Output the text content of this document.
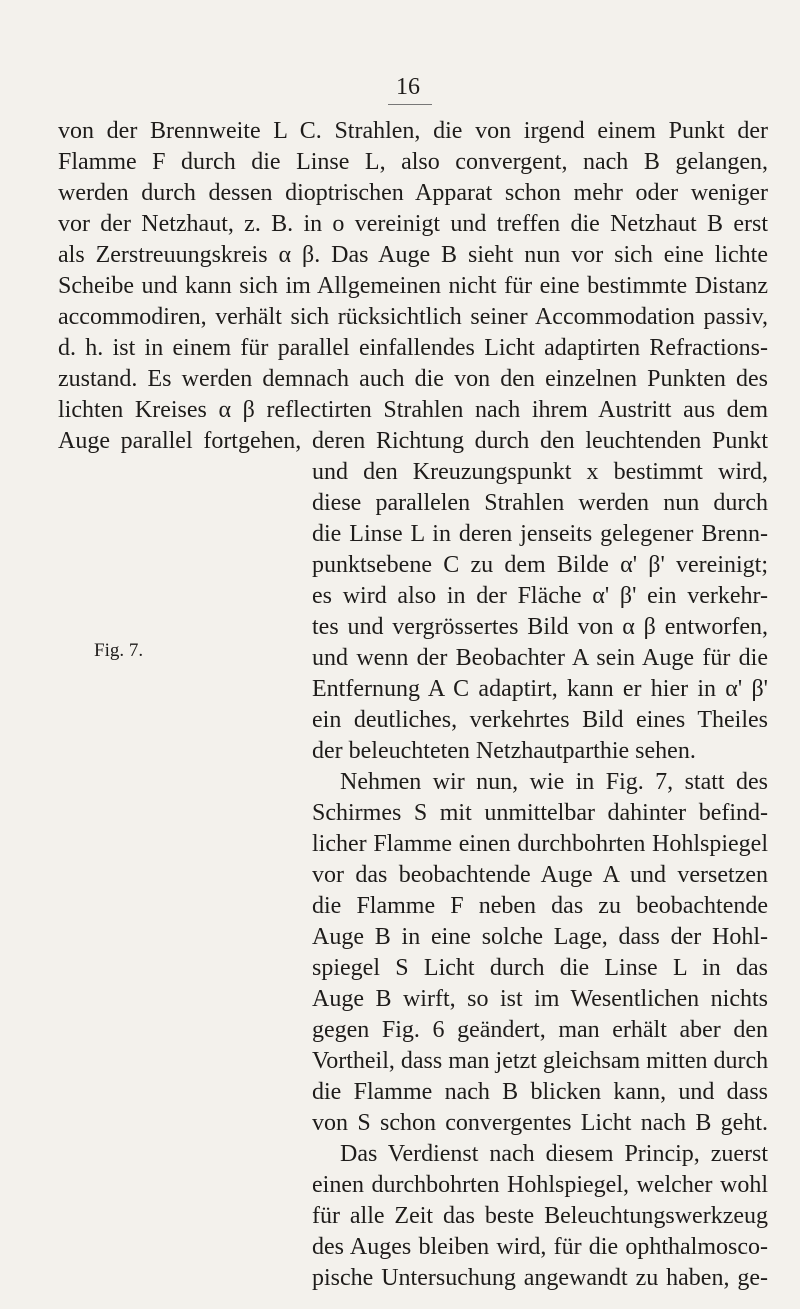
16
von der Brennweite L C. Strahlen, die von irgend einem Punkt der
Flamme F durch die Linse L, also convergent, nach B gelangen,
werden durch dessen dioptrischen Apparat schon mehr oder weniger
vor der Netzhaut, z. B. in o vereinigt und treffen die Netzhaut B erst
als Zerstreuungskreis α β. Das Auge B sieht nun vor sich eine lichte
Scheibe und kann sich im Allgemeinen nicht für eine bestimmte Distanz
accommodiren, verhält sich rücksichtlich seiner Accommodation passiv,
d. h. ist in einem für parallel einfallendes Licht adaptirten Refractions-
zustand. Es werden demnach auch die von den einzelnen Punkten des
lichten Kreises α β reflectirten Strahlen nach ihrem Austritt aus dem
Auge parallel fortgehen, deren Richtung durch den leuchtenden Punkt
und den Kreuzungspunkt x bestimmt wird,
diese parallelen Strahlen werden nun durch
die Linse L in deren jenseits gelegener Brenn-
punktsebene C zu dem Bilde α' β' vereinigt;
es wird also in der Fläche α' β' ein verkehr-
tes und vergrössertes Bild von α β entworfen,
und wenn der Beobachter A sein Auge für die
Entfernung A C adaptirt, kann er hier in α' β'
ein deutliches, verkehrtes Bild eines Theiles
der beleuchteten Netzhautparthie sehen.
Nehmen wir nun, wie in Fig. 7, statt des
Schirmes S mit unmittelbar dahinter befind-
licher Flamme einen durchbohrten Hohlspiegel
vor das beobachtende Auge A und versetzen
die Flamme F neben das zu beobachtende
Auge B in eine solche Lage, dass der Hohl-
spiegel S Licht durch die Linse L in das
Auge B wirft, so ist im Wesentlichen nichts
gegen Fig. 6 geändert, man erhält aber den
Vortheil, dass man jetzt gleichsam mitten durch
die Flamme nach B blicken kann, und dass
von S schon convergentes Licht nach B geht.
Das Verdienst nach diesem Princip, zuerst
einen durchbohrten Hohlspiegel, welcher wohl
für alle Zeit das beste Beleuchtungswerkzeug
des Auges bleiben wird, für die ophthalmosco-
pische Untersuchung angewandt zu haben, ge-
Fig. 7.
